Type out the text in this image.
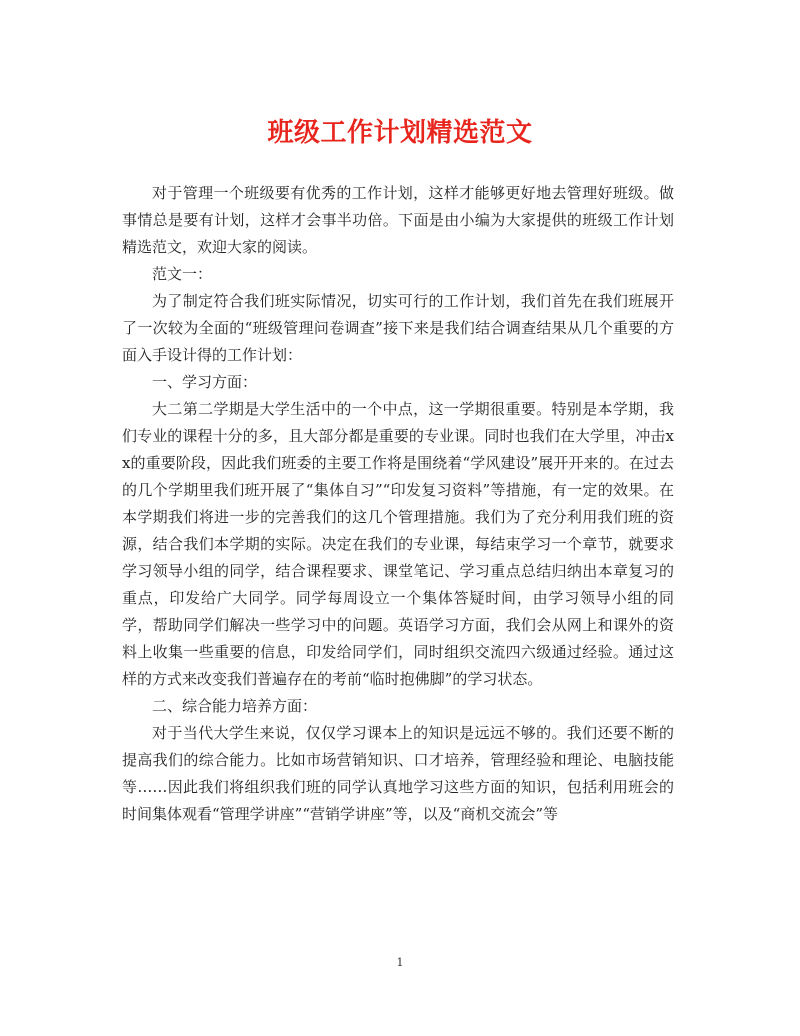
班级工作计划精选范文

对于管理一个班级要有优秀的工作计划，这样才能够更好地去管理好班级。做事情总是要有计划，这样才会事半功倍。下面是由小编为大家提供的班级工作计划精选范文，欢迎大家的阅读。

范文一：

为了制定符合我们班实际情况，切实可行的工作计划，我们首先在我们班展开了一次较为全面的“班级管理问卷调查”接下来是我们结合调查结果从几个重要的方面入手设计得的工作计划：

一、学习方面：

大二第二学期是大学生活中的一个中点，这一学期很重要。特别是本学期，我们专业的课程十分的多，且大部分都是重要的专业课。同时也我们在大学里，冲击xx的重要阶段，因此我们班委的主要工作将是围绕着“学风建设”展开开来的。在过去的几个学期里我们班开展了“集体自习”“印发复习资料”等措施，有一定的效果。在本学期我们将进一步的完善我们的这几个管理措施。我们为了充分利用我们班的资源，结合我们本学期的实际。决定在我们的专业课，每结束学习一个章节，就要求学习领导小组的同学，结合课程要求、课堂笔记、学习重点总结归纳出本章复习的重点，印发给广大同学。同学每周设立一个集体答疑时间，由学习领导小组的同学，帮助同学们解决一些学习中的问题。英语学习方面，我们会从网上和课外的资料上收集一些重要的信息，印发给同学们，同时组织交流四六级通过经验。通过这样的方式来改变我们普遍存在的考前“临时抱佛脚”的学习状态。

二、综合能力培养方面：

对于当代大学生来说，仅仅学习课本上的知识是远远不够的。我们还要不断的提高我们的综合能力。比如市场营销知识、口才培养，管理经验和理论、电脑技能等……因此我们将组织我们班的同学认真地学习这些方面的知识，包括利用班会的时间集体观看“管理学讲座”“营销学讲座”等，以及“商机交流会”等

1
